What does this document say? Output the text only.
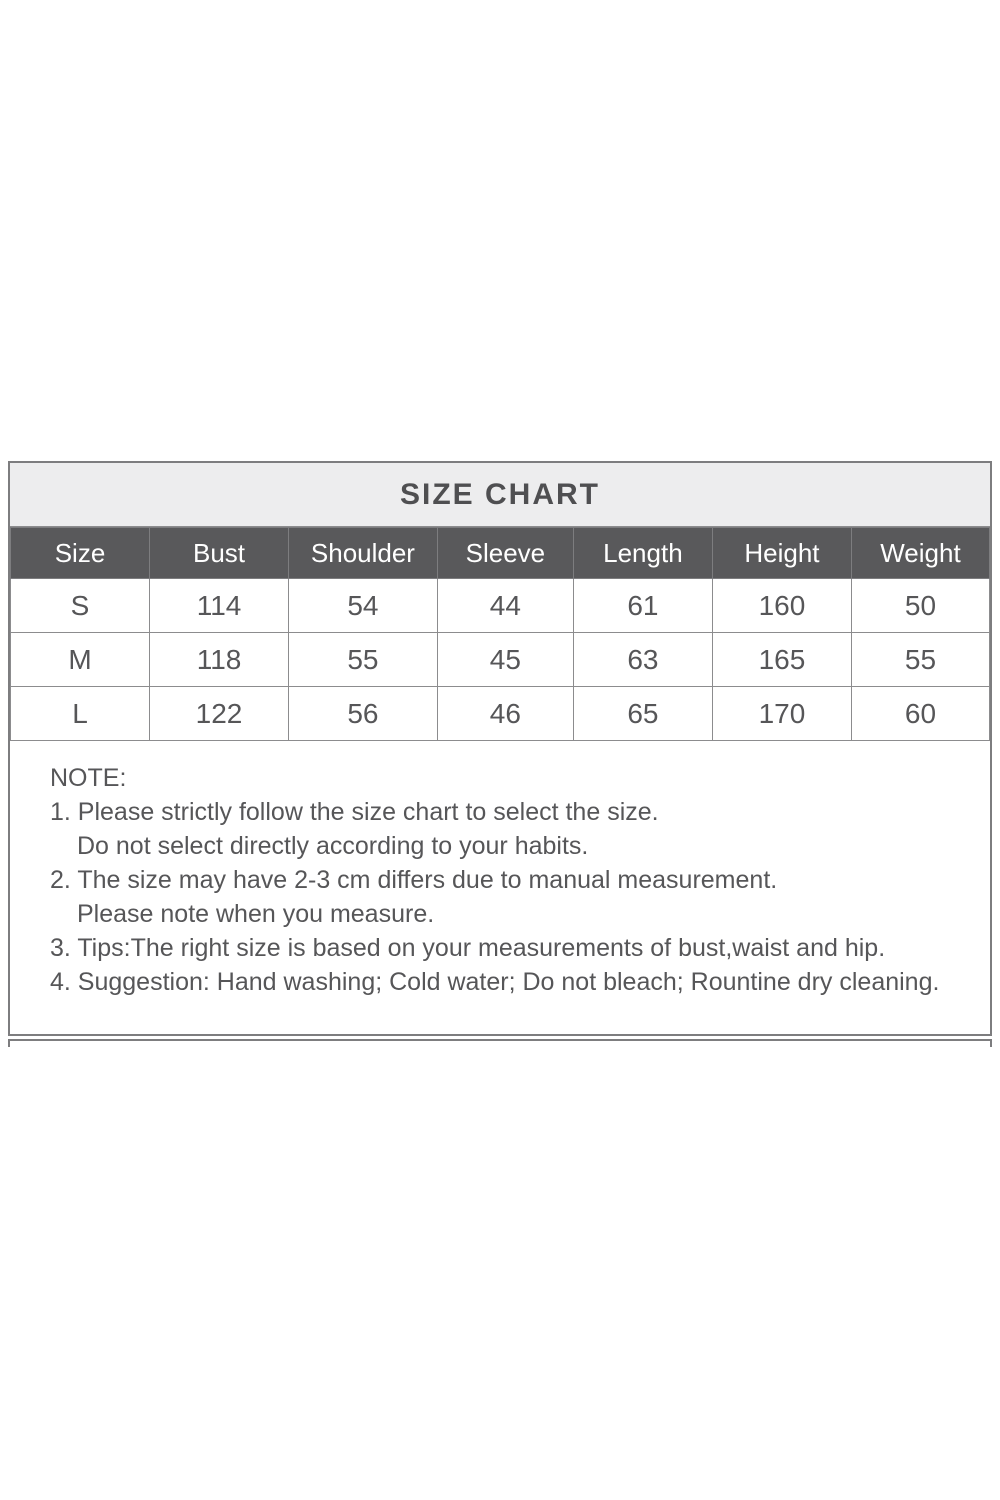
SIZE CHART
Size	Bust	Shoulder	Sleeve	Length	Height	Weight
S	114	54	44	61	160	50
M	118	55	45	63	165	55
L	122	56	46	65	170	60
NOTE:
1. Please strictly follow the size chart to select the size.
Do not select directly according to your habits.
2. The size may have 2-3 cm differs due to manual measurement.
Please note when you measure.
3. Tips:The right size is based on your measurements of bust,waist and hip.
4. Suggestion: Hand washing; Cold water; Do not bleach; Rountine dry cleaning.
